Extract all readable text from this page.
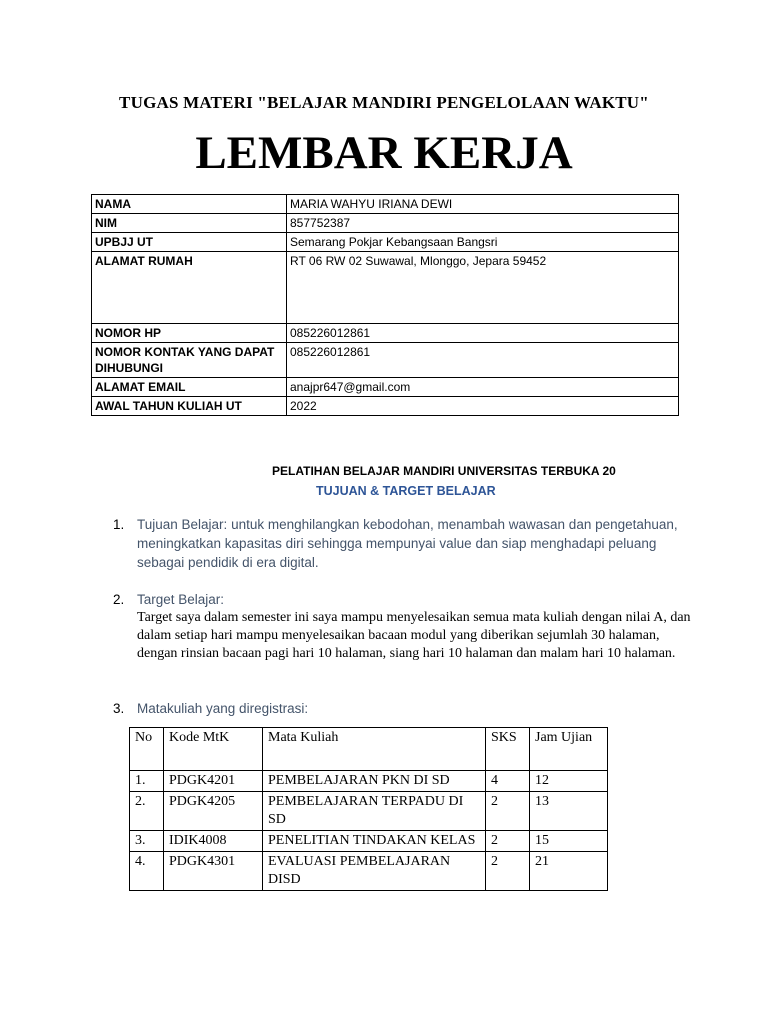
TUGAS MATERI "BELAJAR MANDIRI PENGELOLAAN WAKTU"
LEMBAR KERJA
NAMA	MARIA WAHYU IRIANA DEWI
NIM	857752387
UPBJJ UT	Semarang Pokjar Kebangsaan Bangsri
ALAMAT RUMAH	RT 06 RW 02 Suwawal, Mlonggo, Jepara 59452
NOMOR HP	085226012861
NOMOR KONTAK YANG DAPAT DIHUBUNGI	085226012861
ALAMAT EMAIL	anajpr647@gmail.com
AWAL TAHUN KULIAH UT	2022
PELATIHAN BELAJAR MANDIRI UNIVERSITAS TERBUKA 20
TUJUAN & TARGET BELAJAR
1. Tujuan Belajar: untuk menghilangkan kebodohan, menambah wawasan dan pengetahuan, meningkatkan kapasitas diri sehingga mempunyai value dan siap menghadapi peluang sebagai pendidik di era digital.
2. Target Belajar:
Target saya dalam semester ini saya mampu menyelesaikan semua mata kuliah dengan nilai A, dan dalam setiap hari mampu menyelesaikan bacaan modul yang diberikan sejumlah 30 halaman, dengan rinsian bacaan pagi hari 10 halaman, siang hari 10 halaman dan malam hari 10 halaman.
3. Matakuliah yang diregistrasi:
No	Kode MtK	Mata Kuliah	SKS	Jam Ujian
1.	PDGK4201	PEMBELAJARAN PKN DI SD	4	12
2.	PDGK4205	PEMBELAJARAN TERPADU DI SD	2	13
3.	IDIK4008	PENELITIAN TINDAKAN KELAS	2	15
4.	PDGK4301	EVALUASI PEMBELAJARAN DISD	2	21
